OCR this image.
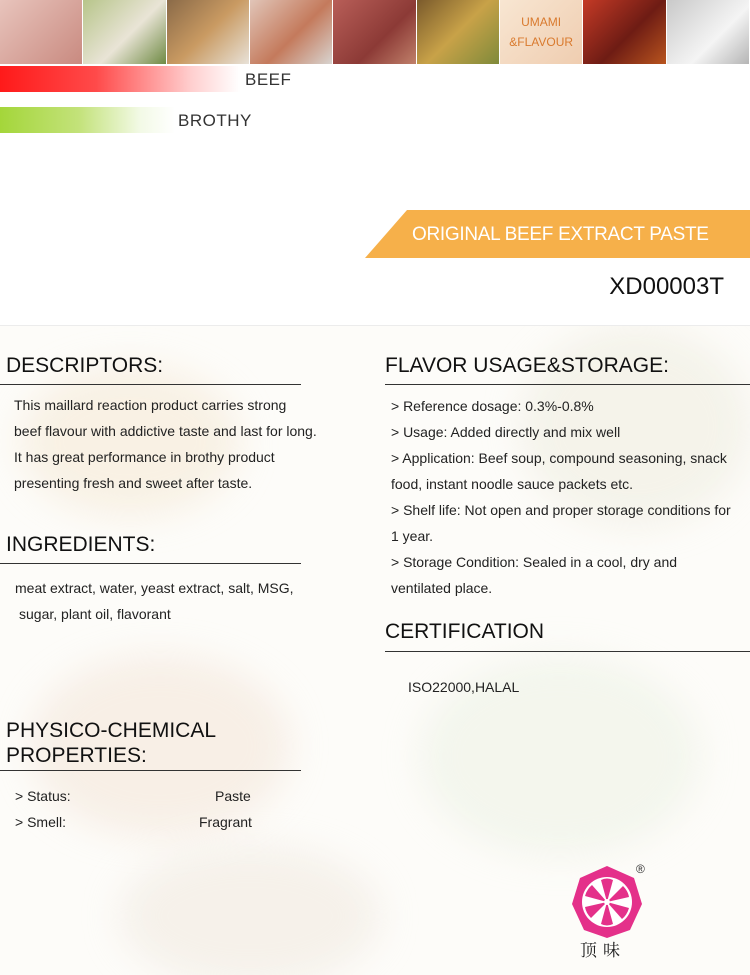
UMAMI
&FLAVOUR
BEEF
BROTHY
ORIGINAL BEEF EXTRACT PASTE
XD00003T
DESCRIPTORS:
This maillard reaction product carries strong
beef flavour with addictive taste and last for long.
It has great performance in brothy product
presenting fresh and sweet after taste.
INGREDIENTS:
meat extract, water, yeast extract, salt, MSG,
sugar, plant oil, flavorant
PHYSICO-CHEMICAL
PROPERTIES:
> Status:	Paste
> Smell:	Fragrant
FLAVOR USAGE&STORAGE:
> Reference dosage: 0.3%-0.8%
> Usage: Added directly and mix well
> Application: Beef soup, compound seasoning, snack
food, instant noodle sauce packets etc.
> Shelf life: Not open and proper storage conditions for
1 year.
> Storage Condition: Sealed in a cool, dry and
ventilated place.
CERTIFICATION
ISO22000,HALAL
®
顶味
